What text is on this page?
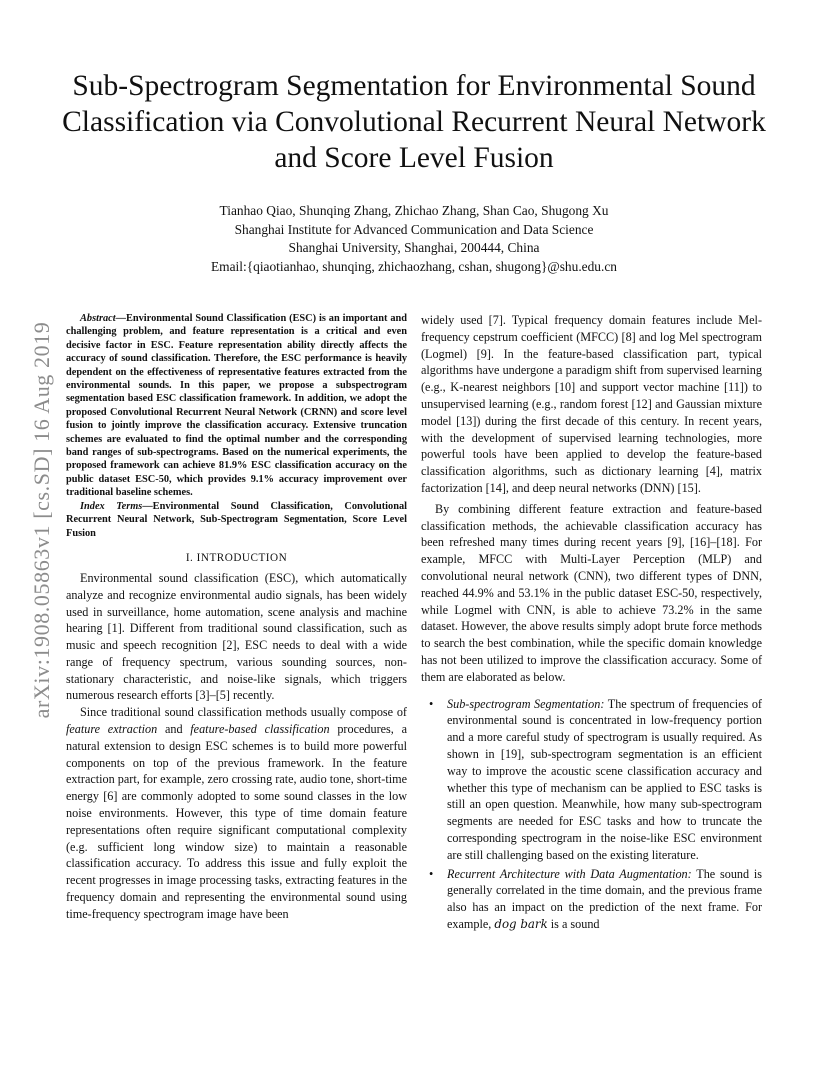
Sub-Spectrogram Segmentation for Environmental Sound Classification via Convolutional Recurrent Neural Network and Score Level Fusion
Tianhao Qiao, Shunqing Zhang, Zhichao Zhang, Shan Cao, Shugong Xu
Shanghai Institute for Advanced Communication and Data Science
Shanghai University, Shanghai, 200444, China
Email:{qiaotianhao, shunqing, zhichaozhang, cshan, shugong}@shu.edu.cn
arXiv:1908.05863v1 [cs.SD] 16 Aug 2019

Abstract—Environmental Sound Classification (ESC) is an important and challenging problem, and feature representation is a critical and even decisive factor in ESC. Feature representation ability directly affects the accuracy of sound classification. Therefore, the ESC performance is heavily dependent on the effectiveness of representative features extracted from the environmental sounds. In this paper, we propose a subspectrogram segmentation based ESC classification framework. In addition, we adopt the proposed Convolutional Recurrent Neural Network (CRNN) and score level fusion to jointly improve the classification accuracy. Extensive truncation schemes are evaluated to find the optimal number and the corresponding band ranges of sub-spectrograms. Based on the numerical experiments, the proposed framework can achieve 81.9% ESC classification accuracy on the public dataset ESC-50, which provides 9.1% accuracy improvement over traditional baseline schemes.

Index Terms—Environmental Sound Classification, Convolutional Recurrent Neural Network, Sub-Spectrogram Segmentation, Score Level Fusion

I. INTRODUCTION

Environmental sound classification (ESC), which automatically analyze and recognize environmental audio signals, has been widely used in surveillance, home automation, scene analysis and machine hearing [1]. Different from traditional sound classification, such as music and speech recognition [2], ESC needs to deal with a wide range of frequency spectrum, various sounding sources, non-stationary characteristic, and noise-like signals, which triggers numerous research efforts [3]–[5] recently.

Since traditional sound classification methods usually compose of feature extraction and feature-based classification procedures, a natural extension to design ESC schemes is to build more powerful components on top of the previous framework. In the feature extraction part, for example, zero crossing rate, audio tone, short-time energy [6] are commonly adopted to some sound classes in the low noise environments. However, this type of time domain feature representations often require significant computational complexity (e.g. sufficient long window size) to maintain a reasonable classification accuracy. To address this issue and fully exploit the recent progresses in image processing tasks, extracting features in the frequency domain and representing the environmental sound using time-frequency spectrogram image have been

widely used [7]. Typical frequency domain features include Mel-frequency cepstrum coefficient (MFCC) [8] and log Mel spectrogram (Logmel) [9]. In the feature-based classification part, typical algorithms have undergone a paradigm shift from supervised learning (e.g., K-nearest neighbors [10] and support vector machine [11]) to unsupervised learning (e.g., random forest [12] and Gaussian mixture model [13]) during the first decade of this century. In recent years, with the development of supervised learning technologies, more powerful tools have been applied to develop the feature-based classification algorithms, such as dictionary learning [4], matrix factorization [14], and deep neural networks (DNN) [15].

By combining different feature extraction and feature-based classification methods, the achievable classification accuracy has been refreshed many times during recent years [9], [16]–[18]. For example, MFCC with Multi-Layer Perception (MLP) and convolutional neural network (CNN), two different types of DNN, reached 44.9% and 53.1% in the public dataset ESC-50, respectively, while Logmel with CNN, is able to achieve 73.2% in the same dataset. However, the above results simply adopt brute force methods to search the best combination, while the specific domain knowledge has not been utilized to improve the classification accuracy. Some of them are elaborated as below.

• Sub-spectrogram Segmentation: The spectrum of frequencies of environmental sound is concentrated in low-frequency portion and a more careful study of spectrogram is usually required. As shown in [19], sub-spectrogram segmentation is an efficient way to improve the acoustic scene classification accuracy and whether this type of mechanism can be applied to ESC tasks is still an open question. Meanwhile, how many sub-spectrogram segments are needed for ESC tasks and how to truncate the corresponding spectrogram in the noise-like ESC environment are still challenging based on the existing literature.
• Recurrent Architecture with Data Augmentation: The sound is generally correlated in the time domain, and the previous frame also has an impact on the prediction of the next frame. For example, dog bark is a sound
